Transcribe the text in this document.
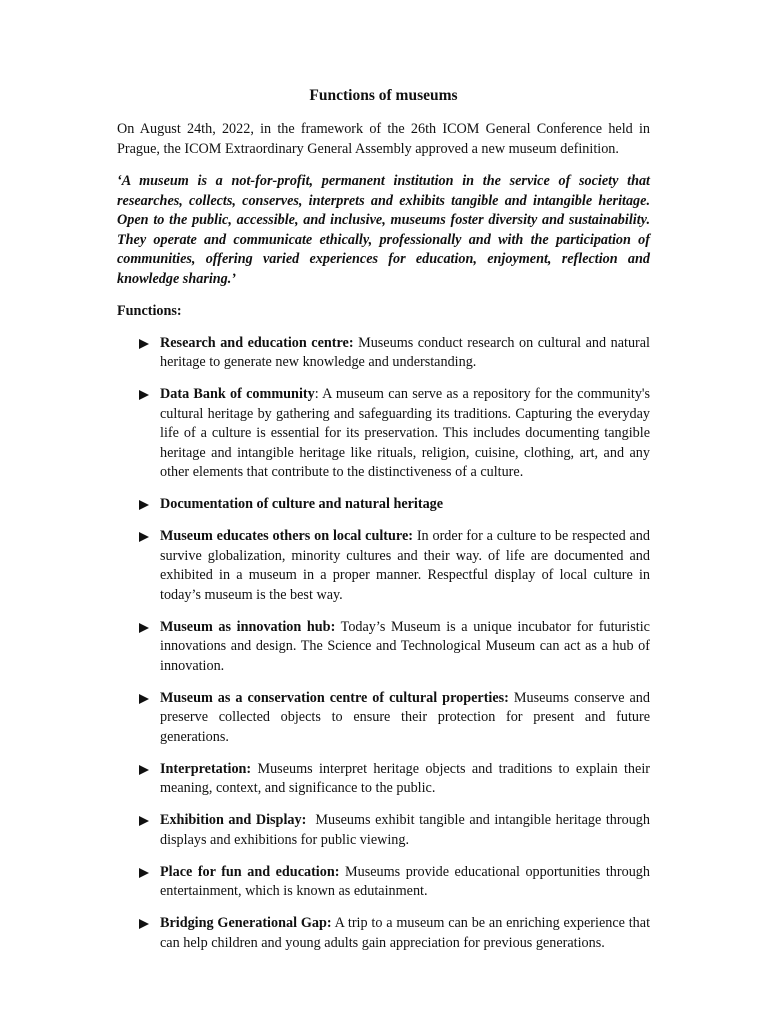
Functions of museums

On August 24th, 2022, in the framework of the 26th ICOM General Conference held in Prague, the ICOM Extraordinary General Assembly approved a new museum definition.

‘A museum is a not-for-profit, permanent institution in the service of society that researches, collects, conserves, interprets and exhibits tangible and intangible heritage. Open to the public, accessible, and inclusive, museums foster diversity and sustainability. They operate and communicate ethically, professionally and with the participation of communities, offering varied experiences for education, enjoyment, reflection and knowledge sharing.’

Functions:

Research and education centre: Museums conduct research on cultural and natural heritage to generate new knowledge and understanding.
Data Bank of community: A museum can serve as a repository for the community's cultural heritage by gathering and safeguarding its traditions. Capturing the everyday life of a culture is essential for its preservation. This includes documenting tangible heritage and intangible heritage like rituals, religion, cuisine, clothing, art, and any other elements that contribute to the distinctiveness of a culture.
Documentation of culture and natural heritage
Museum educates others on local culture: In order for a culture to be respected and survive globalization, minority cultures and their way. of life are documented and exhibited in a museum in a proper manner. Respectful display of local culture in today’s museum is the best way.
Museum as innovation hub: Today’s Museum is a unique incubator for futuristic innovations and design. The Science and Technological Museum can act as a hub of innovation.
Museum as a conservation centre of cultural properties: Museums conserve and preserve collected objects to ensure their protection for present and future generations.
Interpretation: Museums interpret heritage objects and traditions to explain their meaning, context, and significance to the public.
Exhibition and Display:  Museums exhibit tangible and intangible heritage through displays and exhibitions for public viewing.
Place for fun and education: Museums provide educational opportunities through entertainment, which is known as edutainment.
Bridging Generational Gap: A trip to a museum can be an enriching experience that can help children and young adults gain appreciation for previous generations.
